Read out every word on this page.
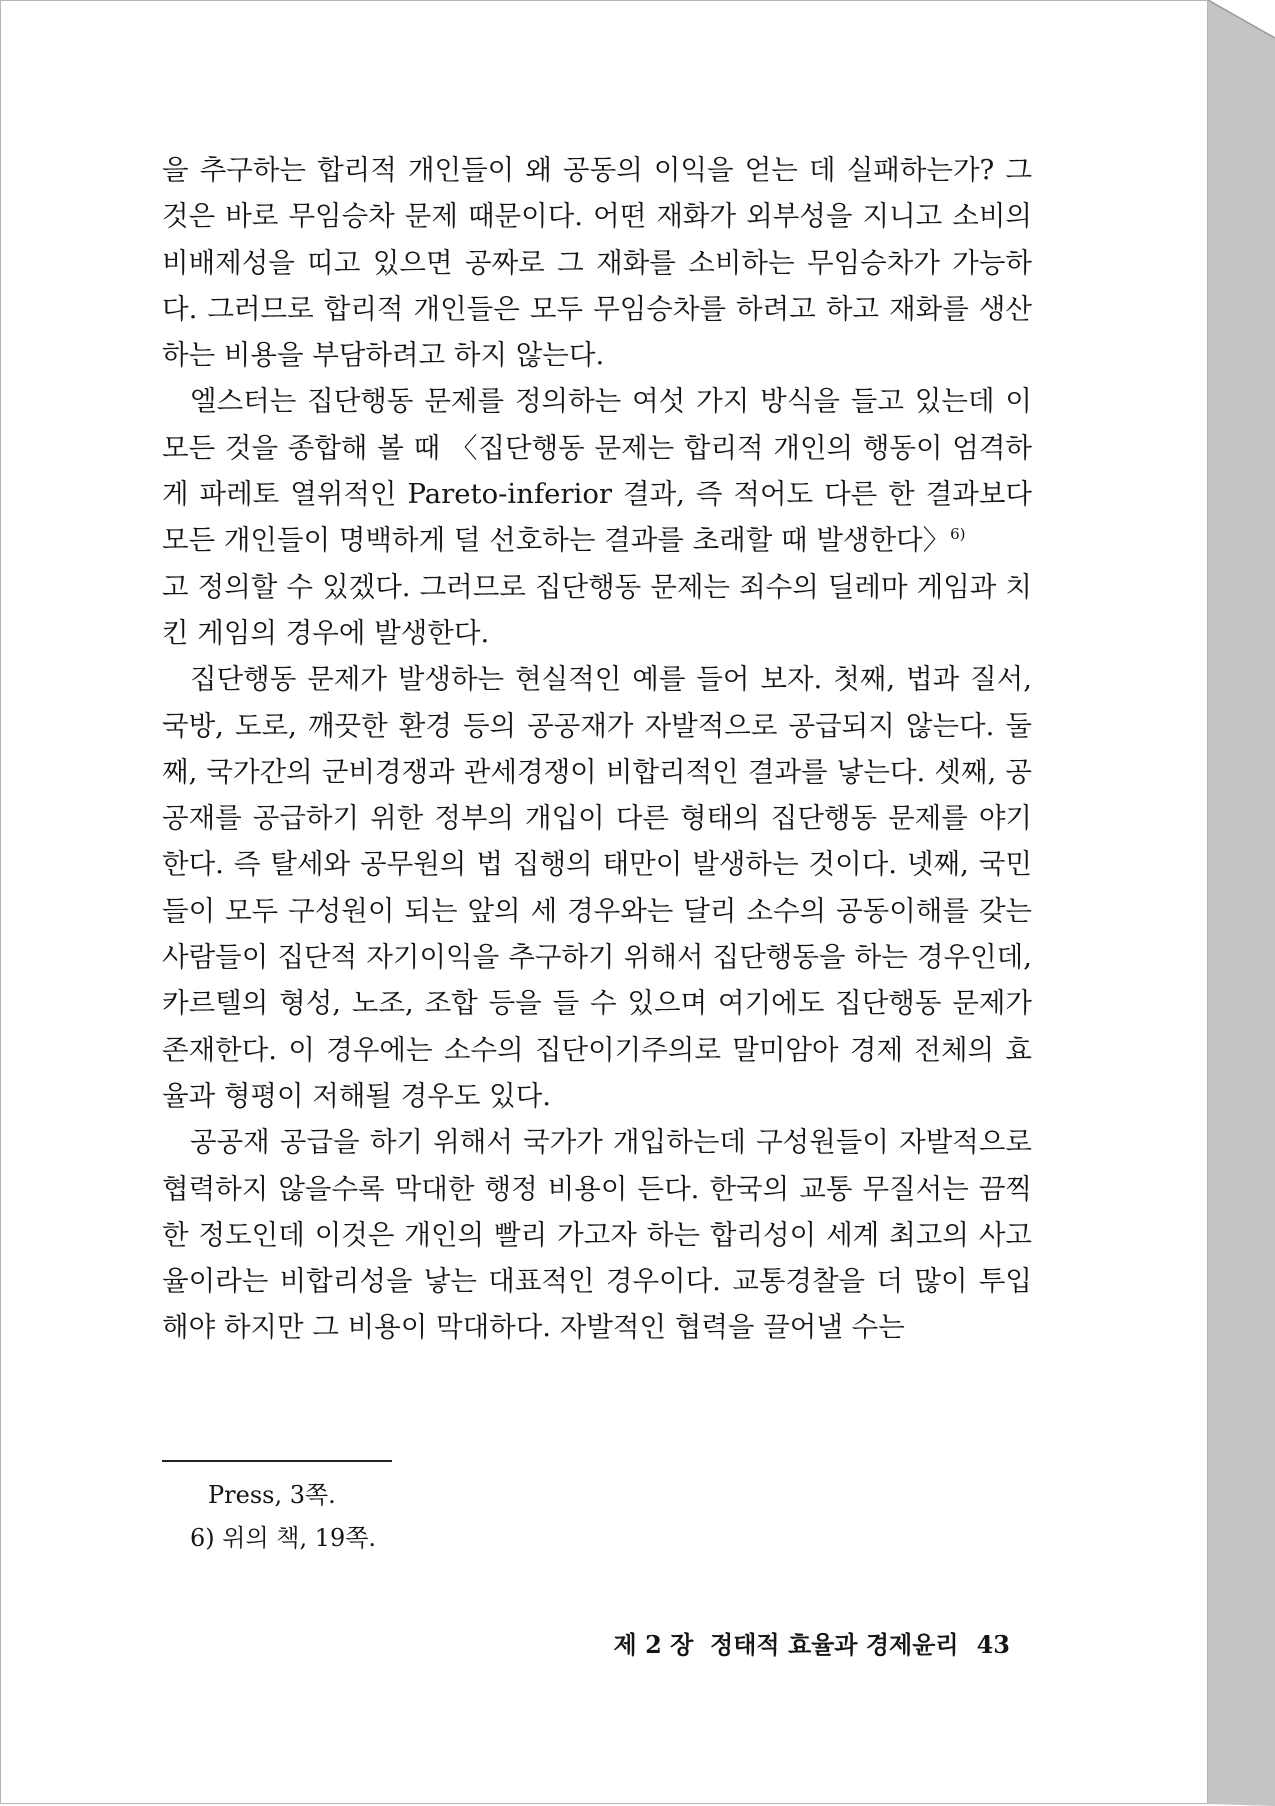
을 추구하는 합리적 개인들이 왜 공동의 이익을 얻는 데 실패하는가? 그것은 바로 무임승차 문제 때문이다. 어떤 재화가 외부성을 지니고 소비의 비배제성을 띠고 있으면 공짜로 그 재화를 소비하는 무임승차가 가능하다. 그러므로 합리적 개인들은 모두 무임승차를 하려고 하고 재화를 생산하는 비용을 부담하려고 하지 않는다.

엘스터는 집단행동 문제를 정의하는 여섯 가지 방식을 들고 있는데 이 모든 것을 종합해 볼 때 〈집단행동 문제는 합리적 개인의 행동이 엄격하게 파레토 열위적인 Pareto-inferior 결과, 즉 적어도 다른 한 결과보다 모든 개인들이 명백하게 덜 선호하는 결과를 초래할 때 발생한다〉$^{6)}$

고 정의할 수 있겠다. 그러므로 집단행동 문제는 죄수의 딜레마 게임과 치킨 게임의 경우에 발생한다.

집단행동 문제가 발생하는 현실적인 예를 들어 보자. 첫째, 법과 질서, 국방, 도로, 깨끗한 환경 등의 공공재가 자발적으로 공급되지 않는다. 둘째, 국가간의 군비경쟁과 관세경쟁이 비합리적인 결과를 낳는다. 셋째, 공공재를 공급하기 위한 정부의 개입이 다른 형태의 집단행동 문제를 야기한다. 즉 탈세와 공무원의 법 집행의 태만이 발생하는 것이다. 넷째, 국민들이 모두 구성원이 되는 앞의 세 경우와는 달리 소수의 공동이해를 갖는 사람들이 집단적 자기이익을 추구하기 위해서 집단행동을 하는 경우인데, 카르텔의 형성, 노조, 조합 등을 들 수 있으며 여기에도 집단행동 문제가 존재한다. 이 경우에는 소수의 집단이기주의로 말미암아 경제 전체의 효율과 형평이 저해될 경우도 있다.

공공재 공급을 하기 위해서 국가가 개입하는데 구성원들이 자발적으로 협력하지 않을수록 막대한 행정 비용이 든다. 한국의 교통 무질서는 끔찍한 정도인데 이것은 개인의 빨리 가고자 하는 합리성이 세계 최고의 사고율이라는 비합리성을 낳는 대표적인 경우이다. 교통경찰을 더 많이 투입해야 하지만 그 비용이 막대하다. 자발적인 협력을 끌어낼 수는

Press, 3쪽.
6) 위의 책, 19쪽.
제 2 장  정태적 효율과 경제윤리 43
